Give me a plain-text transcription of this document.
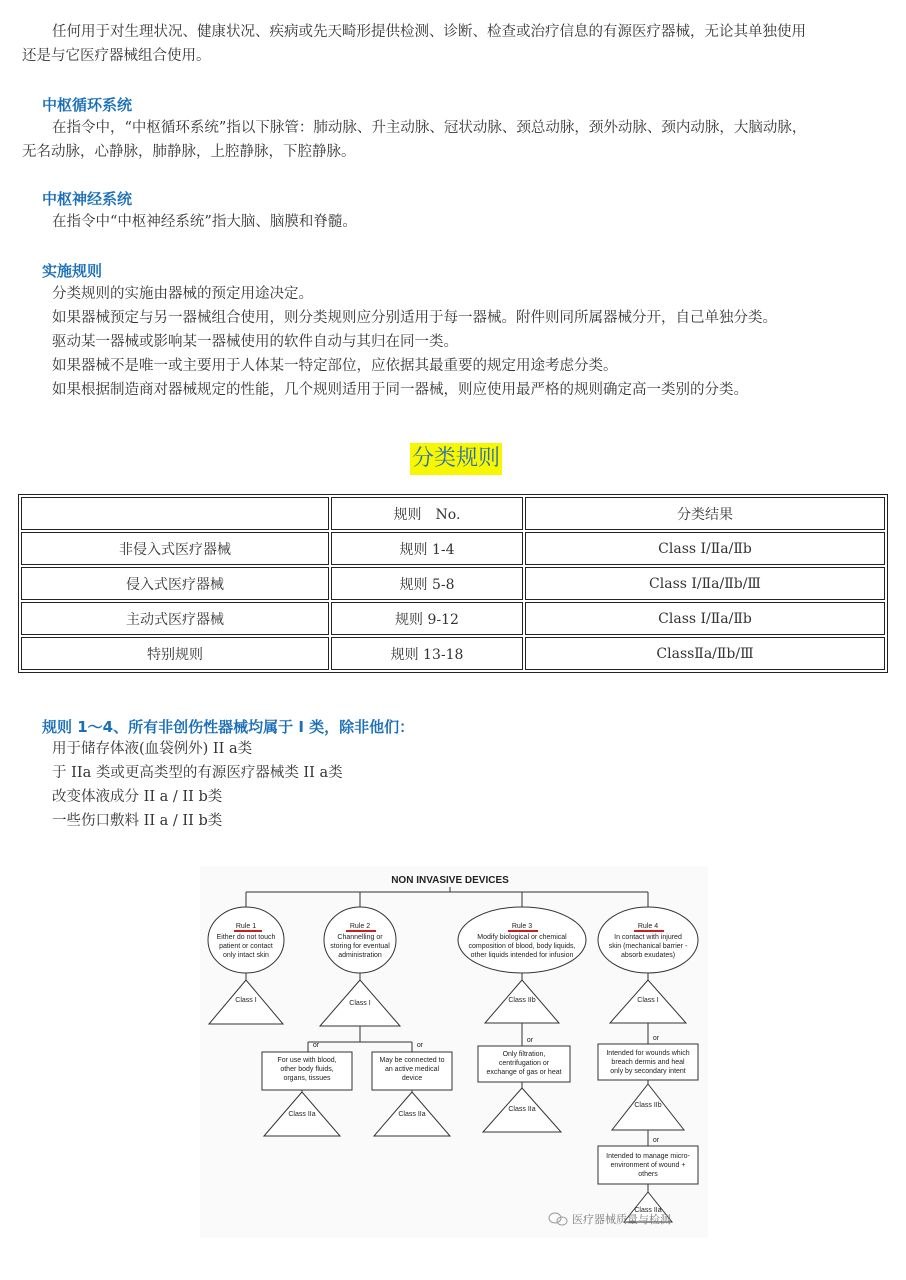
任何用于对生理状况、健康状况、疾病或先天畸形提供检测、诊断、检查或治疗信息的有源医疗器械，无论其单独使用
还是与它医疗器械组合使用。
中枢循环系统
在指令中，“中枢循环系统”指以下脉管：肺动脉、升主动脉、冠状动脉、颈总动脉，颈外动脉、颈内动脉，大脑动脉，
无名动脉，心静脉，肺静脉，上腔静脉，下腔静脉。
中枢神经系统
在指令中“中枢神经系统”指大脑、脑膜和脊髓。
实施规则
分类规则的实施由器械的预定用途决定。
如果器械预定与另一器械组合使用，则分类规则应分别适用于每一器械。附件则同所属器械分开，自己单独分类。
驱动某一器械或影响某一器械使用的软件自动与其归在同一类。
如果器械不是唯一或主要用于人体某一特定部位，应依据其最重要的规定用途考虑分类。
如果根据制造商对器械规定的性能，几个规则适用于同一器械，则应使用最严格的规则确定高一类别的分类。
分类规则
	规则　No.	分类结果
非侵入式医疗器械	规则 1-4	Class Ⅰ/Ⅱa/Ⅱb
侵入式医疗器械	规则 5-8	Class Ⅰ/Ⅱa/Ⅱb/Ⅲ
主动式医疗器械	规则 9-12	Class Ⅰ/Ⅱa/Ⅱb
特别规则	规则 13-18	ClassⅡa/Ⅱb/Ⅲ
规则 1～4、所有非创伤性器械均属于 I 类，除非他们：
用于储存体液(血袋例外) II a类
于 IIa 类或更高类型的有源医疗器械类 II a类
改变体液成分 II a / II b类
一些伤口敷料 II a / II b类
NON INVASIVE DEVICES
Rule 1
Either do not touch
patient or contact
only intact skin
Class I
Rule 2
Channelling or
storing for eventual
administration
Class I
or	or
For use with blood,
other body fluids,
organs, tissues
May be connected to
an active medical
device
Class IIa	Class IIa
Rule 3
Modify biological or chemical
composition of blood, body liquids,
other liquids intended for infusion
Class IIb
or
Only filtration,
centrifugation or
exchange of gas or heat
Class IIa
Rule 4
In contact with injured
skin (mechanical barrier -
absorb exudates)
Class I
or
Intended for wounds which
breach dermis and heal
only by secondary intent
Class IIb
or
Intended to manage micro-
environment of wound +
others
Class IIa
医疗器械质量与检测
